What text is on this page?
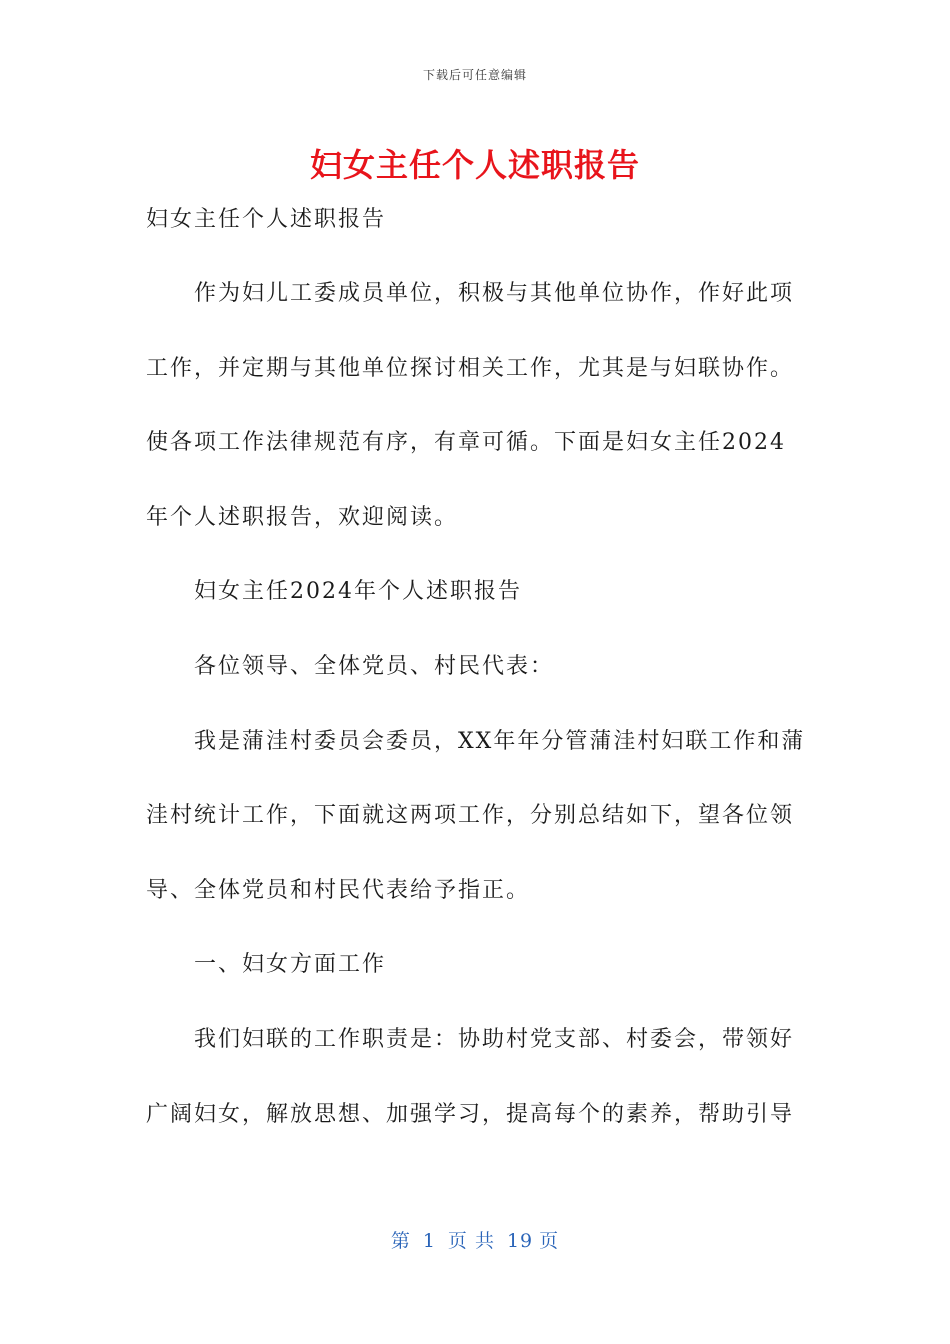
下载后可任意编辑
妇女主任个人述职报告

妇女主任个人述职报告

作为妇儿工委成员单位，积极与其他单位协作，作好此项工作，并定期与其他单位探讨相关工作，尤其是与妇联协作。使各项工作法律规范有序，有章可循。下面是妇女主任2024年个人述职报告，欢迎阅读。

妇女主任2024年个人述职报告

各位领导、全体党员、村民代表：

我是蒲洼村委员会委员，XX年年分管蒲洼村妇联工作和蒲洼村统计工作，下面就这两项工作，分别总结如下，望各位领导、全体党员和村民代表给予指正。

一、妇女方面工作

我们妇联的工作职责是：协助村党支部、村委会，带领好广阔妇女，解放思想、加强学习，提高每个的素养，帮助引导

第 1 页 共 19 页
